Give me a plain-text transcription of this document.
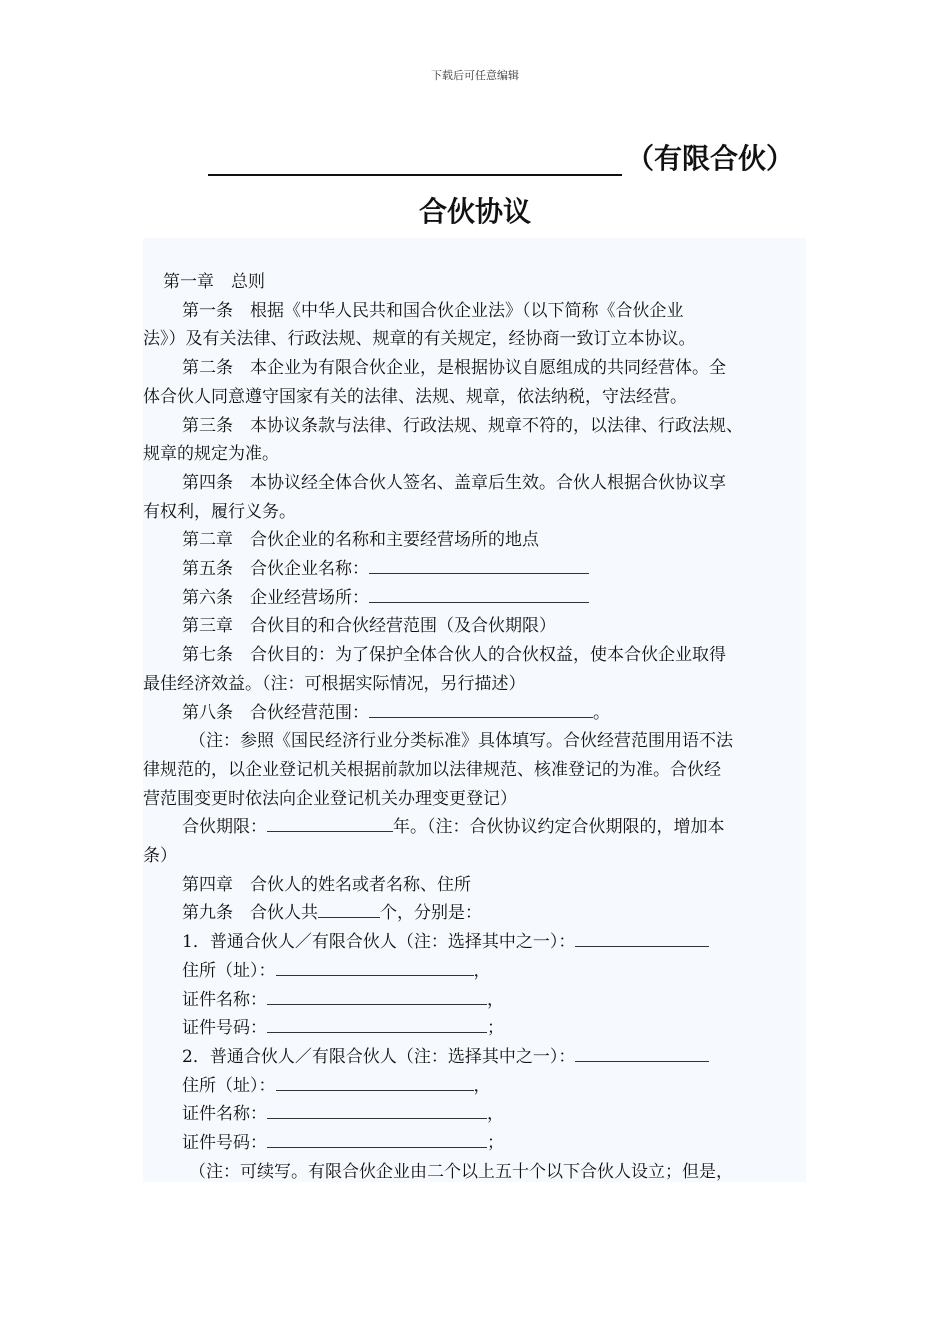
下载后可任意编辑
（有限合伙）
合伙协议
第一章　总则
第一条　根据《中华人民共和国合伙企业法》（以下简称《合伙企业
法》）及有关法律、行政法规、规章的有关规定，经协商一致订立本协议。
第二条　本企业为有限合伙企业，是根据协议自愿组成的共同经营体。全
体合伙人同意遵守国家有关的法律、法规、规章，依法纳税，守法经营。
第三条　本协议条款与法律、行政法规、规章不符的，以法律、行政法规、
规章的规定为准。
第四条　本协议经全体合伙人签名、盖章后生效。合伙人根据合伙协议享
有权利，履行义务。
第二章　合伙企业的名称和主要经营场所的地点
第五条　合伙企业名称：
第六条　企业经营场所：
第三章　合伙目的和合伙经营范围（及合伙期限）
第七条　合伙目的：为了保护全体合伙人的合伙权益，使本合伙企业取得
最佳经济效益。（注：可根据实际情况，另行描述）
第八条　合伙经营范围：	。
（注：参照《国民经济行业分类标准》具体填写。合伙经营范围用语不法
律规范的，以企业登记机关根据前款加以法律规范、核准登记的为准。合伙经
营范围变更时依法向企业登记机关办理变更登记）
合伙期限：	年。（注：合伙协议约定合伙期限的，增加本
条）
第四章　合伙人的姓名或者名称、住所
第九条　合伙人共	个，分别是：
1．普通合伙人／有限合伙人（注：选择其中之一）：
住所（址）：	，
证件名称：	，
证件号码：	；
2．普通合伙人／有限合伙人（注：选择其中之一）：
住所（址）：	，
证件名称：	，
证件号码：	；
（注：可续写。有限合伙企业由二个以上五十个以下合伙人设立；但是，
